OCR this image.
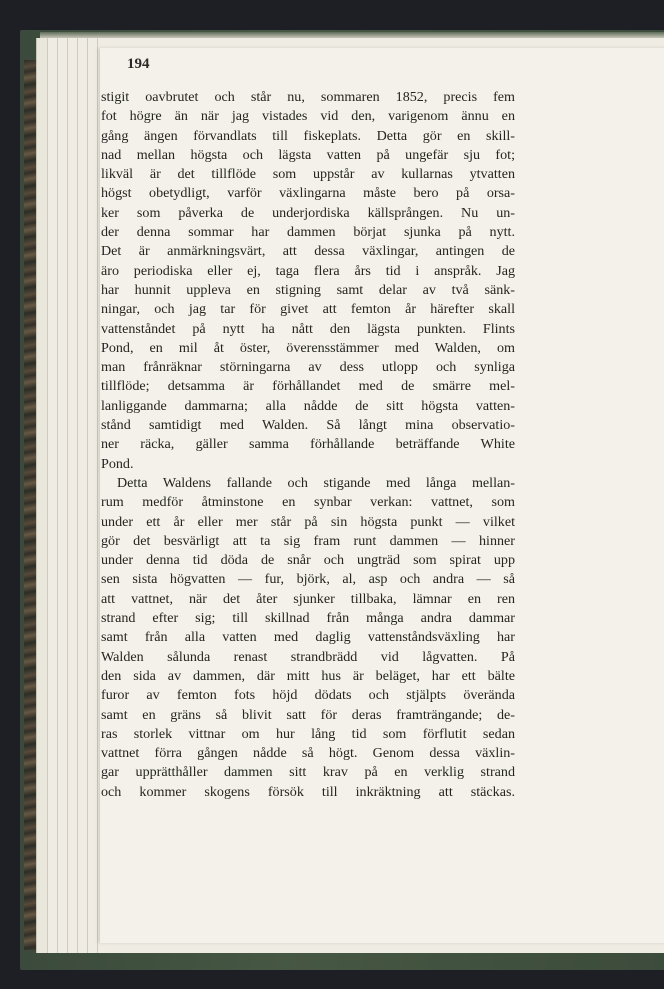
194

stigit oavbrutet och står nu, sommaren 1852, precis fem
fot högre än när jag vistades vid den, varigenom ännu en
gång ängen förvandlats till fiskeplats. Detta gör en skill-
nad mellan högsta och lägsta vatten på ungefär sju fot;
likväl är det tillflöde som uppstår av kullarnas ytvatten
högst obetydligt, varför växlingarna måste bero på orsa-
ker som påverka de underjordiska källsprången. Nu un-
der denna sommar har dammen börjat sjunka på nytt.
Det är anmärkningsvärt, att dessa växlingar, antingen de
äro periodiska eller ej, taga flera års tid i anspråk. Jag
har hunnit uppleva en stigning samt delar av två sänk-
ningar, och jag tar för givet att femton år härefter skall
vattenståndet på nytt ha nått den lägsta punkten. Flints
Pond, en mil åt öster, överensstämmer med Walden, om
man frånräknar störningarna av dess utlopp och synliga
tillflöde; detsamma är förhållandet med de smärre mel-
lanliggande dammarna; alla nådde de sitt högsta vatten-
stånd samtidigt med Walden. Så långt mina observatio-
ner räcka, gäller samma förhållande beträffande White
Pond.
Detta Waldens fallande och stigande med långa mellan-
rum medför åtminstone en synbar verkan: vattnet, som
under ett år eller mer står på sin högsta punkt — vilket
gör det besvärligt att ta sig fram runt dammen — hinner
under denna tid döda de snår och ungträd som spirat upp
sen sista högvatten — fur, björk, al, asp och andra — så
att vattnet, när det åter sjunker tillbaka, lämnar en ren
strand efter sig; till skillnad från många andra dammar
samt från alla vatten med daglig vattenståndsväxling har
Walden sålunda renast strandbrädd vid lågvatten. På
den sida av dammen, där mitt hus är beläget, har ett bälte
furor av femton fots höjd dödats och stjälpts överända
samt en gräns så blivit satt för deras framträngande; de-
ras storlek vittnar om hur lång tid som förflutit sedan
vattnet förra gången nådde så högt. Genom dessa växlin-
gar upprätthåller dammen sitt krav på en verklig strand
och kommer skogens försök till inkräktning att stäckas.
